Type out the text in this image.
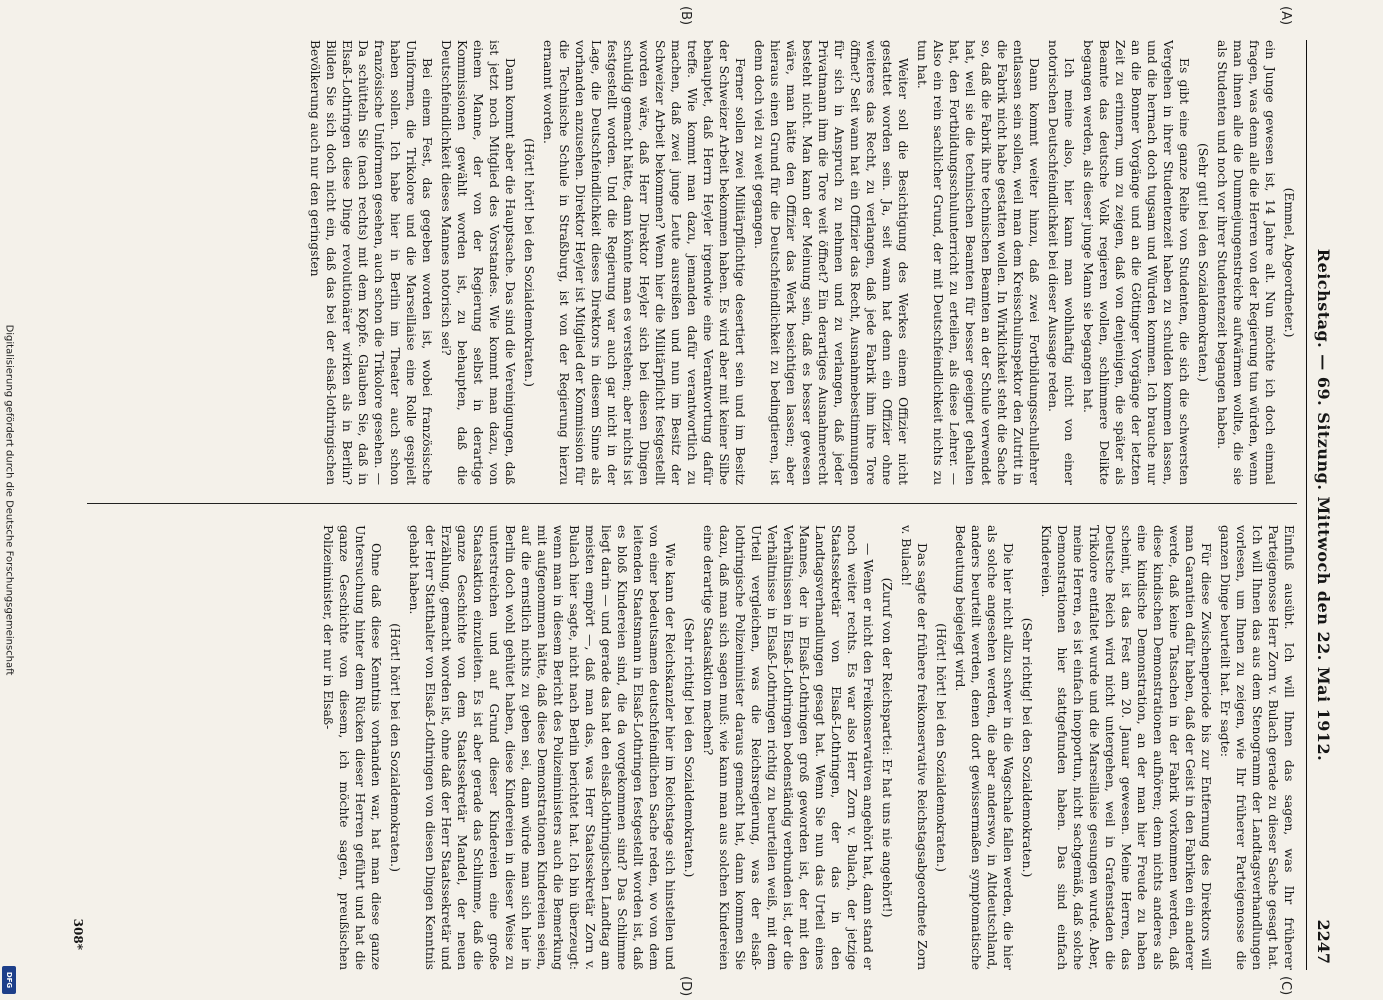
Reichstag. — 69. Sitzung. Mittwoch den 22. Mai 1912.
2247

(Emmel, Abgeordneter.)

ein Junge gewesen ist, 14 Jahre alt. Nun möchte ich doch einmal fragen, was denn alle die Herren von der Regierung tun würden, wenn man ihnen alle die Dummejungenstreiche aufwärmen wollte, die sie als Studenten und noch vor ihrer Studentenzeit begangen haben.

(Sehr gut! bei den Sozialdemokraten.)

Es gibt eine ganze Reihe von Studenten, die sich die schwersten Vergehen in ihrer Studentenzeit haben zu schulden kommen lassen, und die hernach doch tugsam und Würden kommen. Ich brauche nur an die Bonner Vorgänge und an die Göttinger Vorgänge der letzten Zeit zu erinnern, um zu zeigen, daß von denjenigen, die später als Beamte das deutsche Volk regieren wollen, schlimmere Delikte begangen werden, als dieser junge Mann sie begangen hat.

Ich meine also, hier kann man wohlhaftig nicht von einer notorischen Deutschfeindlichkeit bei dieser Aussage reden.

Dann kommt weiter hinzu, daß zwei Fortbildungsschullehrer entlassen sein sollen, weil man dem Kreisschulinspektor den Zutritt in die Fabrik nicht habe gestatten wollen. In Wirklichkeit steht die Sache so, daß die Fabrik ihre technischen Beamten an der Schule verwendet hat, weil sie die technischen Beamten für besser geeignet gehalten hat, den Fortbildungsschulunterricht zu erteilen, als diese Lehrer. — Also ein rein sachlicher Grund, der mit Deutschfeindlichkeit nichts zu tun hat.

Weiter soll die Besichtigung des Werkes einem Offizier nicht gestattet worden sein. Ja, seit wann hat denn ein Offizier ohne weiteres das Recht, zu verlangen, daß jede Fabrik ihm ihre Tore öffnet? Seit wann hat ein Offizier das Recht, Ausnahmebestimmungen für sich in Anspruch zu nehmen und zu verlangen, daß jeder Privatmann ihm die Tore weit öffnet? Ein derartiges Ausnahmerecht besteht nicht. Man kann der Meinung sein, daß es besser gewesen wäre, man hätte den Offizier das Werk besichtigen lassen; aber hieraus einen Grund für die Deutschfeindlichkeit zu bedingtieren, ist denn doch viel zu weit gegangen.

Ferner sollen zwei Militärpflichtige desertiert sein und im Besitz der Schweizer Arbeit bekommen haben. Es wird aber mit keiner Silbe behauptet, daß Herrn Heyler irgendwie eine Verantwortung dafür treffe. Wie kommt man dazu, jemanden dafür verantwortlich zu machen, daß zwei junge Leute ausreißen und nun im Besitz der Schweizer Arbeit bekommen? Wenn hier die Militärpflicht festgestellt worden wäre, daß Herr Direktor Heyler sich bei diesen Dingen schuldig gemacht hätte, dann könnte man es verstehen; aber nichts ist festgestellt worden. Und die Regierung war auch gar nicht in der Lage, die Deutschfeindlichkeit dieses Direktors in diesem Sinne als vorhanden anzusehen. Direktor Heyler ist Mitglied der Kommission für die Technische Schule in Straßburg, ist von der Regierung hierzu ernannt worden.

(Hört! hört! bei den Sozialdemokraten.)

Dann kommt aber die Hauptsache. Das sind die Vereinigungen, daß ist jetzt noch Mitglied des Vorstandes. Wie kommt man dazu, von einem Manne, der von der Regierung selbst in derartige Kommissionen gewählt worden ist, zu behaupten, daß die Deutschfeindlichkeit dieses Mannes notorisch sei?

Bei einem Fest, das gegeben worden ist, wobei französische Uniformen, die Trikolore und die Marseillaise eine Rolle gespielt haben sollen. Ich habe hier in Berlin im Theater auch schon französische Uniformen gesehen, auch schon die Trikolore gesehen. — Da schütteln Sie (nach rechts) mit dem Kopfe. Glauben Sie, daß in Elsaß-Lothringen diese Dinge revolutionärer wirken als in Berlin? Bilden Sie sich doch nicht ein, daß das bei der elsaß-lothringischen Bevölkerung auch nur den geringsten

Einfluß ausübt. Ich will Ihnen das sagen, was Ihr früherer Parteigenosse Herr Zorn v. Bulach gerade zu dieser Sache gesagt hat. Ich will Ihnen das aus dem Stenogramm der Landtagsverhandlungen vorlesen, um Ihnen zu zeigen, wie Ihr früherer Parteigenosse die ganzen Dinge beurteilt hat. Er sagte:

Für diese Zwischenperiode bis zur Entfernung des Direktors will man Garantien dafür haben, daß der Geist in den Fabriken ein anderer werde, daß keine Tatsachen in der Fabrik vorkommen werden, daß diese kindischen Demonstrationen aufhören; denn nichts anderes als eine kindische Demonstration, an der man hier Freude zu haben scheint, ist das Fest am 20. Januar gewesen. Meine Herren, das Deutsche Reich wird nicht untergehen, weil in Grafenstaden die Trikolore entfaltet wurde und die Marseillaise gesungen wurde. Aber, meine Herren, es ist einfach inopportun, nicht sachgemäß, daß solche Demonstrationen hier stattgefunden haben. Das sind einfach Kindereien.

(Sehr richtig! bei den Sozialdemokraten.)

Die hier nicht allzu schwer in die Wagschale fallen werden, die hier als solche angesehen werden, die aber anderswo, in Altdeutschland, anders beurteilt werden, denen dort gewissermaßen symptomatische Bedeutung beigelegt wird.

(Hört! hört! bei den Sozialdemokraten.)

Das sagte der frühere freikonservative Reichstagsabgeordnete Zorn v. Bulach!

(Zuruf von der Reichspartei: Er hat uns nie angehört!)

— Wenn er nicht den Freikonservativen angehört hat, dann stand er noch weiter rechts. Es war also Herr Zorn v. Bulach, der jetzige Staatssekretär von Elsaß-Lothringen, der das in den Landtagsverhandlungen gesagt hat. Wenn Sie nun das Urteil eines Mannes, der in Elsaß-Lothringen groß geworden ist, der mit den Verhältnissen in Elsaß-Lothringen bodenständig verbunden ist, der die Verhältnisse in Elsaß-Lothringen richtig zu beurteilen weiß, mit dem Urteil vergleichen, was die Reichsregierung, was der elsaß-lothringische Polizeiminister daraus gemacht hat, dann kommen Sie dazu, daß man sich sagen muß: wie kann man aus solchen Kindereien eine derartige Staatsaktion machen?

(Sehr richtig! bei den Sozialdemokraten.)

Wie kann der Reichskanzler hier im Reichstage sich hinstellen und von einer bedeutsamen deutschfeindlichen Sache reden, wo von dem leitenden Staatsmann in Elsaß-Lothringen festgestellt worden ist, daß es bloß Kindereien sind, die da vorgekommen sind? Das Schlimme liegt darin — und gerade das hat den elsaß-lothringischen Landtag am meisten empört —, daß man das, was Herr Staatssekretär Zorn v. Bulach hier sagte, nicht nach Berlin berichtet hat. Ich bin überzeugt: wenn man in diesem Bericht des Polizeiministers auch die Bemerkung mit aufgenommen hätte, daß diese Demonstrationen Kindereien seien, auf die ernstlich nichts zu geben sei, dann würde man sich hier in Berlin doch wohl gehütet haben, diese Kindereien in dieser Weise zu unterstreichen und auf Grund dieser Kindereien eine große Staatsaktion einzuleiten. Es ist aber gerade das Schlimme, daß die ganze Geschichte von dem Staatssekretär Mandel, der neuen Erzählung, gemacht worden ist, ohne daß der Herr Staatssekretär und der Herr Statthalter von Elsaß-Lothringen von diesen Dingen Kenntnis gehabt haben.

(Hört! hört! bei den Sozialdemokraten.)

Ohne daß diese Kenntnis vorhanden war, hat man diese ganze Untersuchung hinter dem Rücken dieser Herren geführt und hat die ganze Geschichte von diesem, ich möchte sagen, preußischen Polizeiminister, der nur in Elsaß-

(A)
(B)
(C)
(D)
308*
Digitalisierung gefördert durch die Deutsche Forschungsgemeinschaft
DFG
